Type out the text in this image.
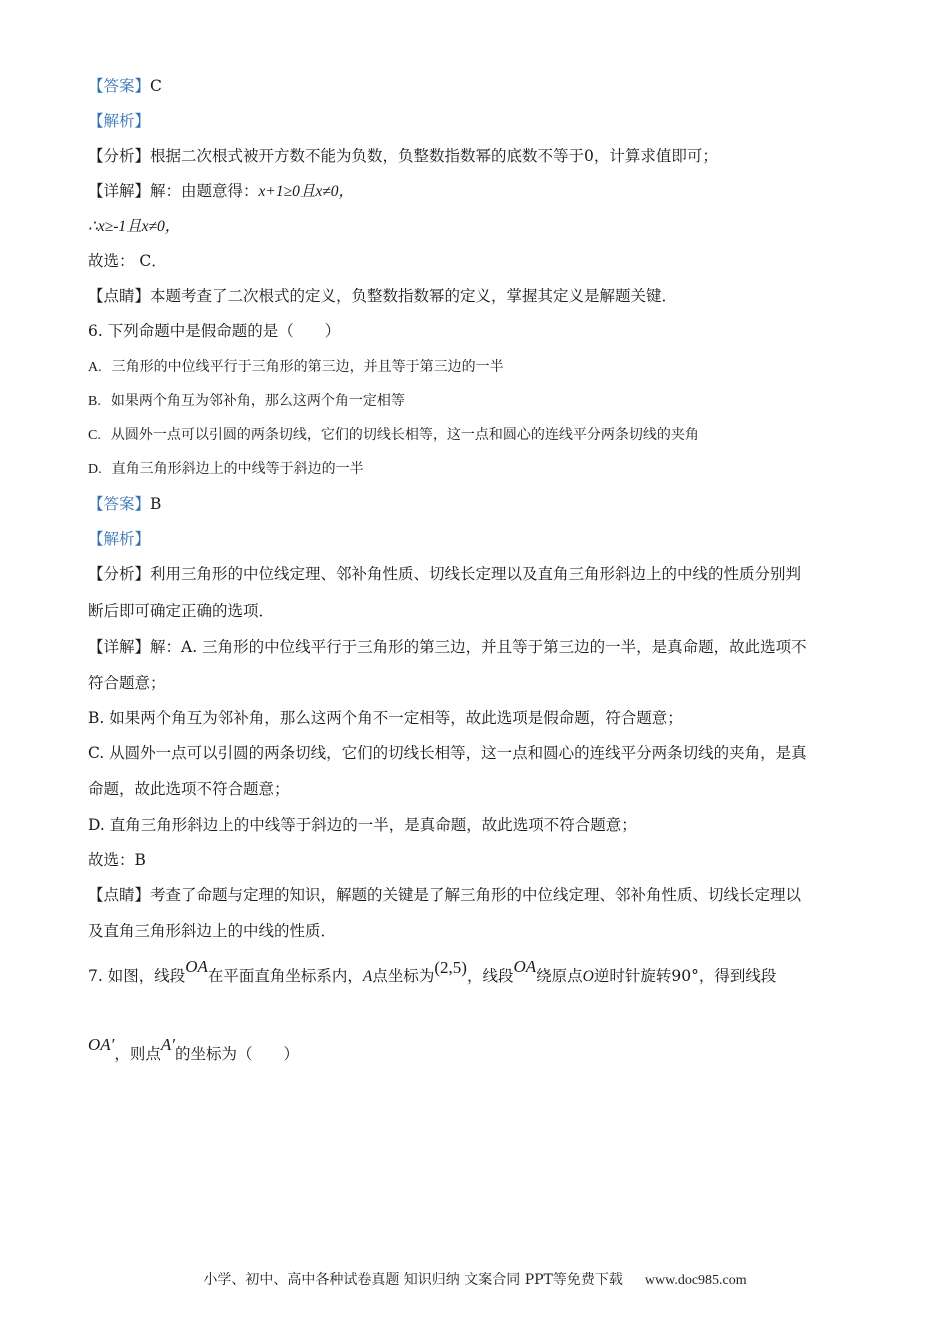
【答案】C
【解析】
【分析】根据二次根式被开方数不能为负数，负整数指数幂的底数不等于0，计算求值即可；
【详解】解：由题意得：x+1≥0且x≠0，
∴x≥-1且x≠0，
故选： C．
【点睛】本题考查了二次根式的定义，负整数指数幂的定义，掌握其定义是解题关键．
6. 下列命题中是假命题的是（　　）
A. 三角形的中位线平行于三角形的第三边，并且等于第三边的一半
B. 如果两个角互为邻补角，那么这两个角一定相等
C. 从圆外一点可以引圆的两条切线，它们的切线长相等，这一点和圆心的连线平分两条切线的夹角
D. 直角三角形斜边上的中线等于斜边的一半
【答案】B
【解析】
【分析】利用三角形的中位线定理、邻补角性质、切线长定理以及直角三角形斜边上的中线的性质分别判
断后即可确定正确的选项．
【详解】解：A. 三角形的中位线平行于三角形的第三边，并且等于第三边的一半，是真命题，故此选项不
符合题意；
B. 如果两个角互为邻补角，那么这两个角不一定相等，故此选项是假命题，符合题意；
C. 从圆外一点可以引圆的两条切线，它们的切线长相等，这一点和圆心的连线平分两条切线的夹角，是真
命题，故此选项不符合题意；
D. 直角三角形斜边上的中线等于斜边的一半，是真命题，故此选项不符合题意；
故选：B
【点睛】考查了命题与定理的知识，解题的关键是了解三角形的中位线定理、邻补角性质、切线长定理以
及直角三角形斜边上的中线的性质．
7. 如图，线段OA在平面直角坐标系内，A点坐标为(2,5)，线段OA绕原点O逆时针旋转90°，得到线段
OA′，则点A′的坐标为（　　）
小学、初中、高中各种试卷真题 知识归纳 文案合同 PPT等免费下载 www.doc985.com
